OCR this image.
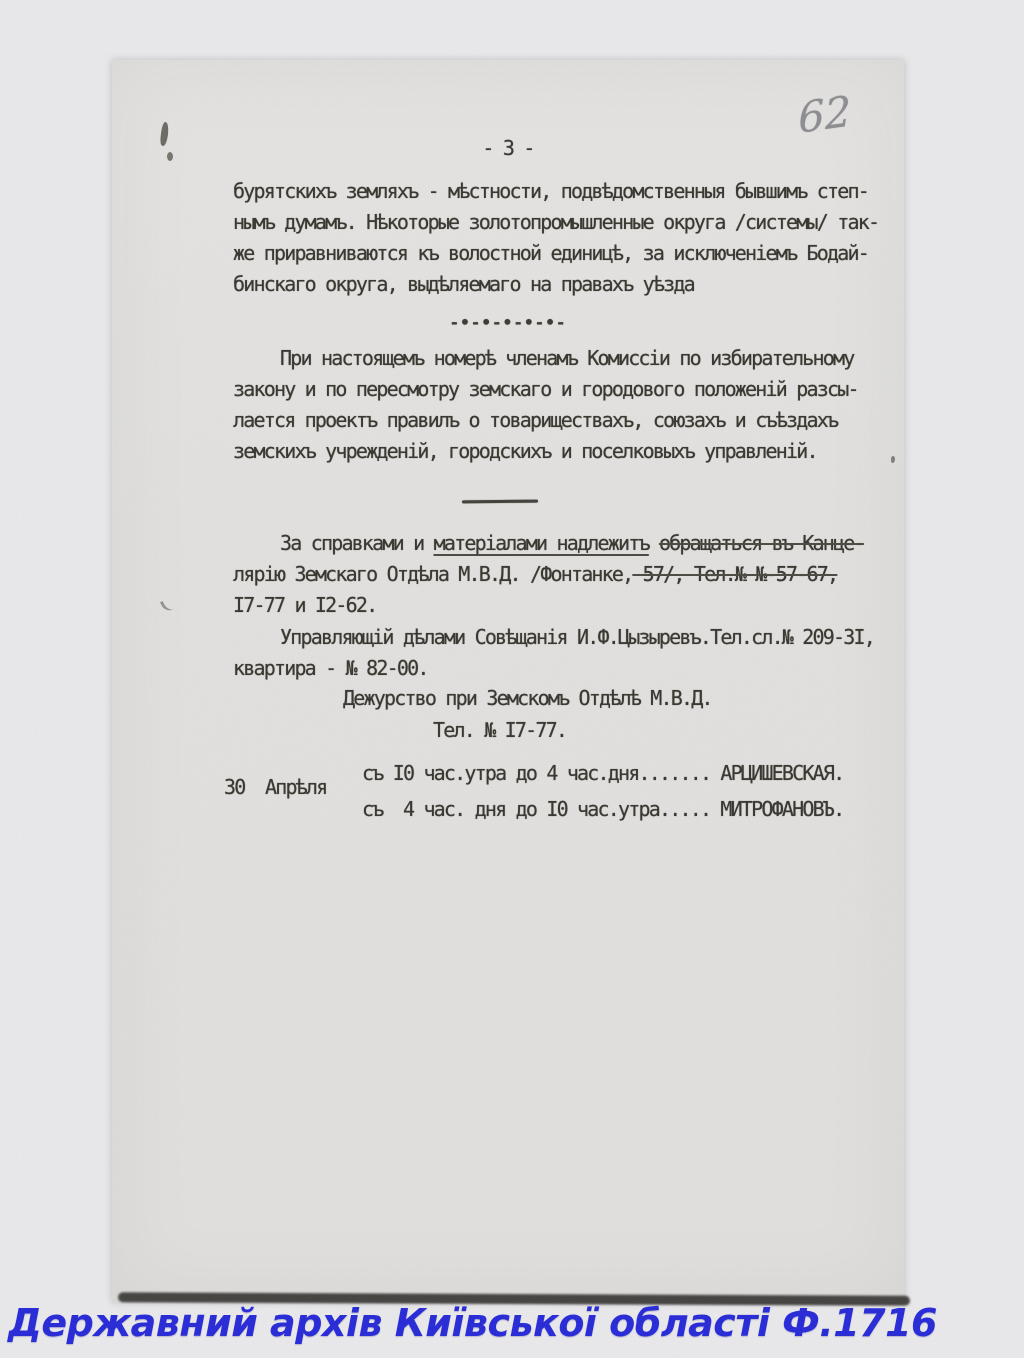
62
- 3 -
бурятскихъ земляхъ - мѣстности, подвѣдомственныя бывшимъ степ-
нымъ думамъ. Нѣкоторые золотопромышленные округа /системы/ так-
же приравниваются къ волостной единицѣ, за исключеніемъ Бодай-
бинскаго округа, выдѣляемаго на правахъ уѣзда
-•-•-•-•-•-
При настоящемъ номерѣ членамъ Комиссіи по избирательному
закону и по пересмотру земскаго и городового положеній разсы-
лается проектъ правилъ о товариществахъ, союзахъ и съѣздахъ
земскихъ учрежденій, городскихъ и поселковыхъ управленій.
За справками и матеріалами надлежитъ обращаться въ Канце-
лярію Земскаго Отдѣла М.В.Д. /Фонтанке, 57/, Тел.№ №-57-67,
I7-77 и I2-62.
Управляющій дѣлами Совѣщанія И.Ф.Цызыревъ.Тел.сл.№ 209-3I,
квартира - № 82-00.
Дежурство при Земскомъ Отдѣлѣ М.В.Д.
Тел. № I7-77.
30  Апрѣля
съ I0 час.утра до 4 час.дня....... АРЦИШЕВСКАЯ.
съ  4 час. дня до I0 час.утра..... МИТРОФАНОВЪ.
Державний архів Київської області Ф.1716
